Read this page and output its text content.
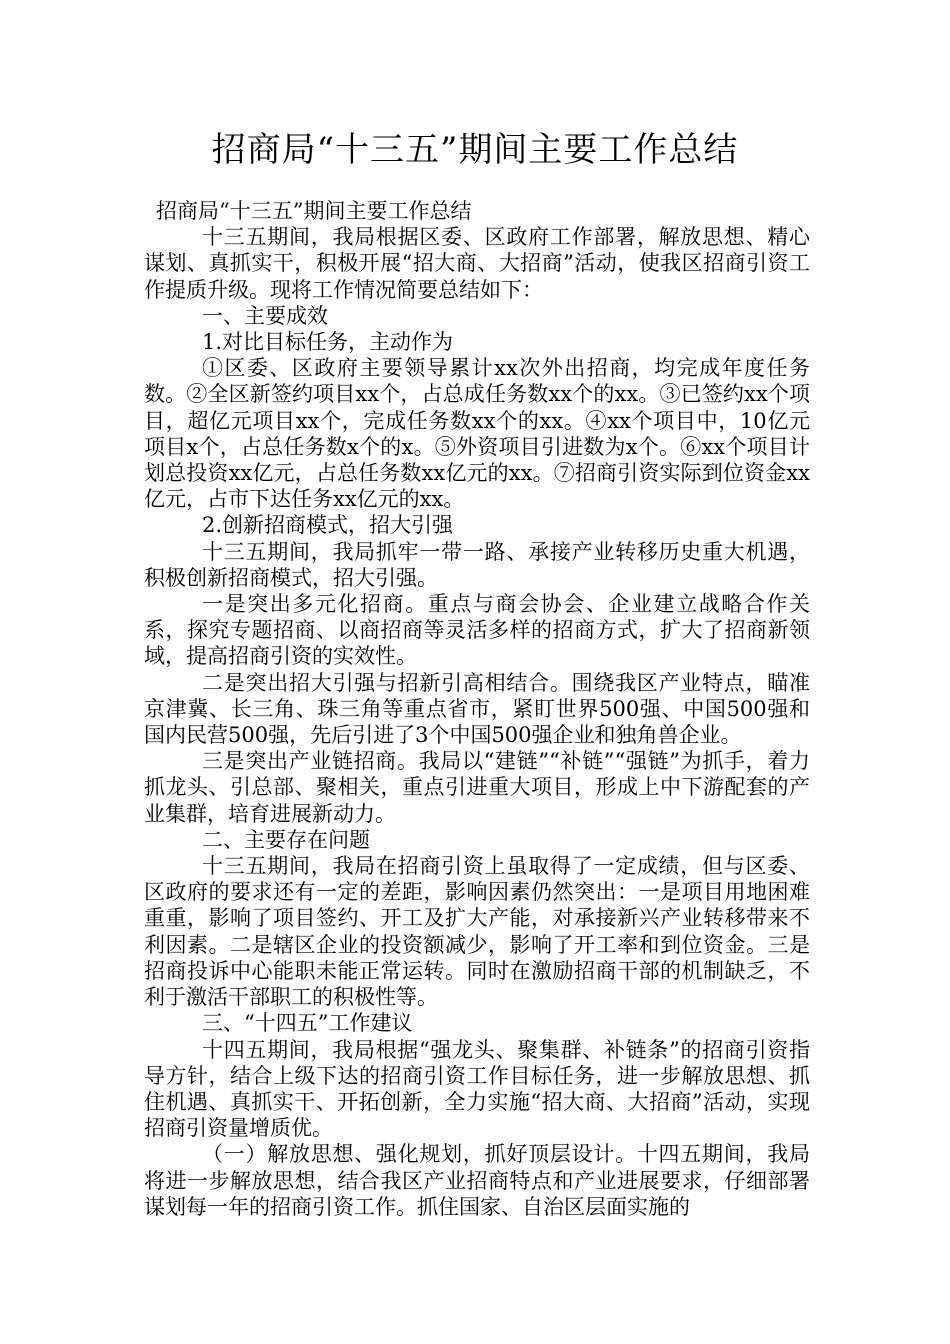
招商局“十三五”期间主要工作总结

招商局“十三五”期间主要工作总结

十三五期间，我局根据区委、区政府工作部署，解放思想、精心谋划、真抓实干，积极开展“招大商、大招商”活动，使我区招商引资工作提质升级。现将工作情况简要总结如下：

一、主要成效

1.对比目标任务，主动作为

①区委、区政府主要领导累计xx次外出招商，均完成年度任务数。②全区新签约项目xx个，占总成任务数xx个的xx。③已签约xx个项目，超亿元项目xx个，完成任务数xx个的xx。④xx个项目中，10亿元项目x个，占总任务数x个的x。⑤外资项目引进数为x个。⑥xx个项目计划总投资xx亿元，占总任务数xx亿元的xx。⑦招商引资实际到位资金xx亿元，占市下达任务xx亿元的xx。

2.创新招商模式，招大引强

十三五期间，我局抓牢一带一路、承接产业转移历史重大机遇，积极创新招商模式，招大引强。

一是突出多元化招商。重点与商会协会、企业建立战略合作关系，探究专题招商、以商招商等灵活多样的招商方式，扩大了招商新领域，提高招商引资的实效性。

二是突出招大引强与招新引高相结合。围绕我区产业特点，瞄准京津冀、长三角、珠三角等重点省市，紧盯世界500强、中国500强和国内民营500强，先后引进了3个中国500强企业和独角兽企业。

三是突出产业链招商。我局以“建链”“补链”“强链”为抓手，着力抓龙头、引总部、聚相关，重点引进重大项目，形成上中下游配套的产业集群，培育进展新动力。

二、主要存在问题

十三五期间，我局在招商引资上虽取得了一定成绩，但与区委、区政府的要求还有一定的差距，影响因素仍然突出：一是项目用地困难重重，影响了项目签约、开工及扩大产能，对承接新兴产业转移带来不利因素。二是辖区企业的投资额减少，影响了开工率和到位资金。三是招商投诉中心能职未能正常运转。同时在激励招商干部的机制缺乏，不利于激活干部职工的积极性等。

三、“十四五”工作建议

十四五期间，我局根据“强龙头、聚集群、补链条”的招商引资指导方针，结合上级下达的招商引资工作目标任务，进一步解放思想、抓住机遇、真抓实干、开拓创新，全力实施“招大商、大招商”活动，实现招商引资量增质优。

（一）解放思想、强化规划，抓好顶层设计。十四五期间，我局将进一步解放思想，结合我区产业招商特点和产业进展要求，仔细部署谋划每一年的招商引资工作。抓住国家、自治区层面实施的
